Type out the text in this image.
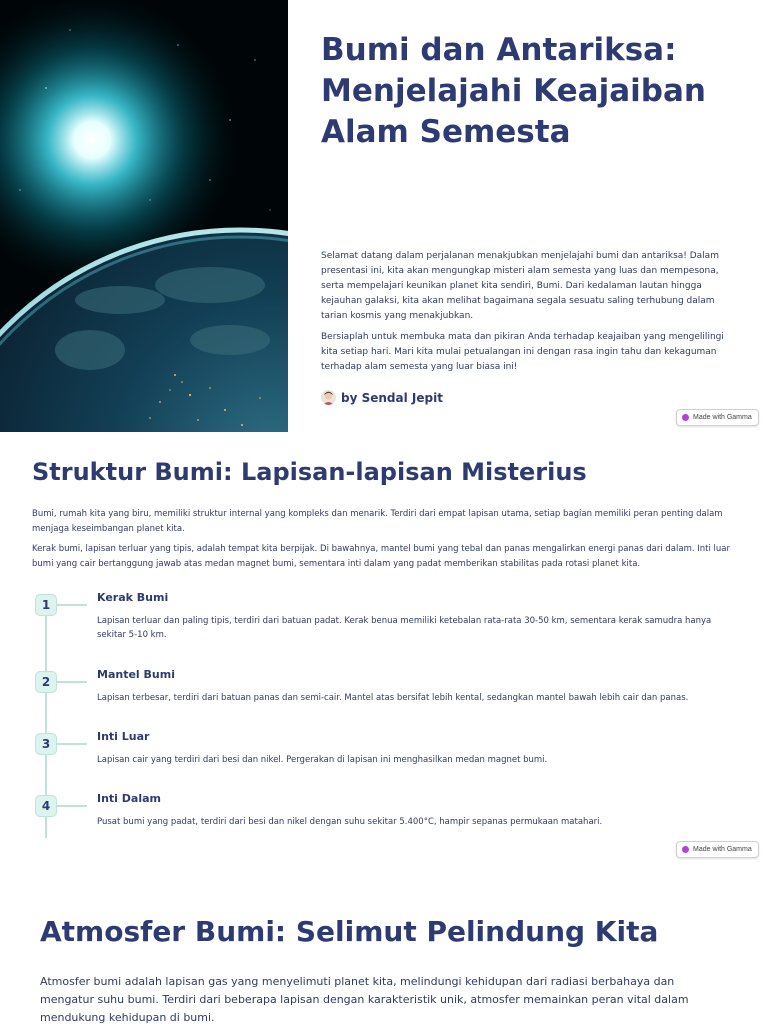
Bumi dan Antariksa: Menjelajahi Keajaiban Alam Semesta

Selamat datang dalam perjalanan menakjubkan menjelajahi bumi dan antariksa! Dalam presentasi ini, kita akan mengungkap misteri alam semesta yang luas dan mempesona, serta mempelajari keunikan planet kita sendiri, Bumi. Dari kedalaman lautan hingga kejauhan galaksi, kita akan melihat bagaimana segala sesuatu saling terhubung dalam tarian kosmis yang menakjubkan.

Bersiaplah untuk membuka mata dan pikiran Anda terhadap keajaiban yang mengelilingi kita setiap hari. Mari kita mulai petualangan ini dengan rasa ingin tahu dan kekaguman terhadap alam semesta yang luar biasa ini!

by Sendal Jepit
Made with Gamma
Struktur Bumi: Lapisan-lapisan Misterius

Bumi, rumah kita yang biru, memiliki struktur internal yang kompleks dan menarik. Terdiri dari empat lapisan utama, setiap bagian memiliki peran penting dalam menjaga keseimbangan planet kita.

Kerak bumi, lapisan terluar yang tipis, adalah tempat kita berpijak. Di bawahnya, mantel bumi yang tebal dan panas mengalirkan energi panas dari dalam. Inti luar bumi yang cair bertanggung jawab atas medan magnet bumi, sementara inti dalam yang padat memberikan stabilitas pada rotasi planet kita.

1
Kerak Bumi
Lapisan terluar dan paling tipis, terdiri dari batuan padat. Kerak benua memiliki ketebalan rata-rata 30-50 km, sementara kerak samudra hanya sekitar 5-10 km.
2
Mantel Bumi
Lapisan terbesar, terdiri dari batuan panas dan semi-cair. Mantel atas bersifat lebih kental, sedangkan mantel bawah lebih cair dan panas.
3
Inti Luar
Lapisan cair yang terdiri dari besi dan nikel. Pergerakan di lapisan ini menghasilkan medan magnet bumi.
4
Inti Dalam
Pusat bumi yang padat, terdiri dari besi dan nikel dengan suhu sekitar 5.400°C, hampir sepanas permukaan matahari.
Made with Gamma
Atmosfer Bumi: Selimut Pelindung Kita

Atmosfer bumi adalah lapisan gas yang menyelimuti planet kita, melindungi kehidupan dari radiasi berbahaya dan mengatur suhu bumi. Terdiri dari beberapa lapisan dengan karakteristik unik, atmosfer memainkan peran vital dalam mendukung kehidupan di bumi.
